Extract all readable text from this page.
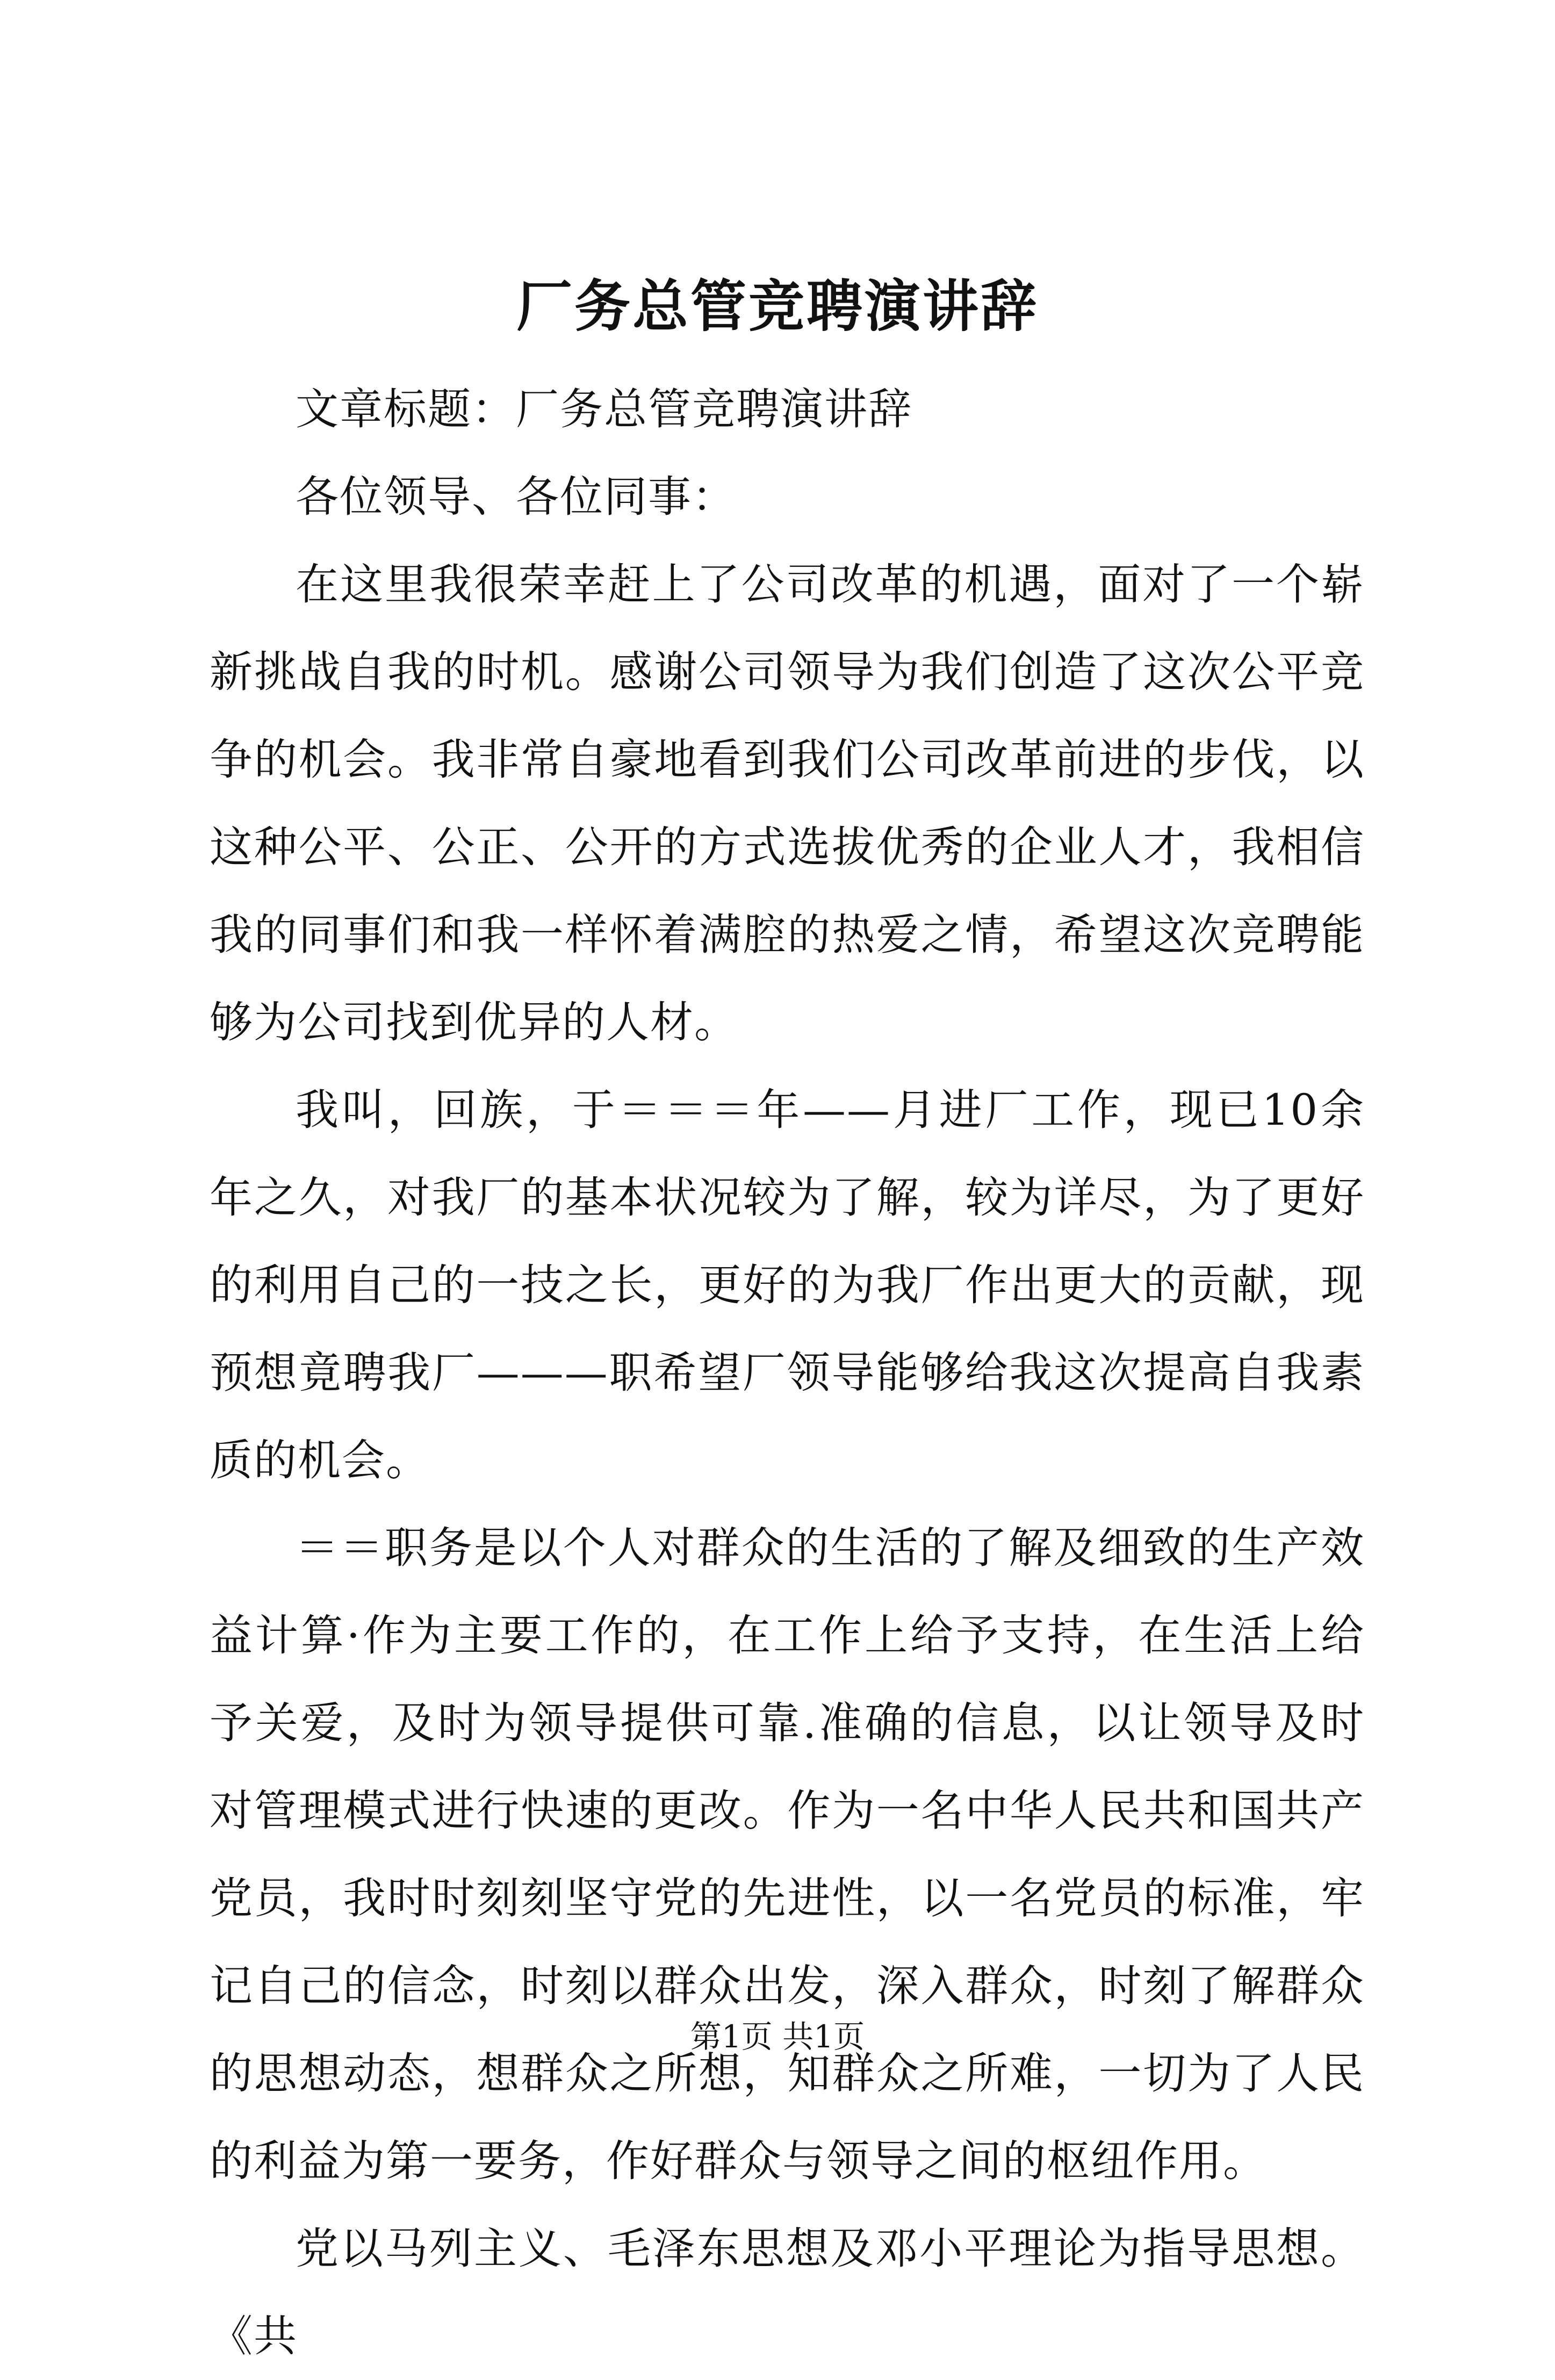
厂务总管竞聘演讲辞

文章标题：厂务总管竞聘演讲辞

各位领导、各位同事：

在这里我很荣幸赶上了公司改革的机遇，面对了一个崭新挑战自我的时机。感谢公司领导为我们创造了这次公平竞争的机会。我非常自豪地看到我们公司改革前进的步伐，以这种公平、公正、公开的方式选拔优秀的企业人才，我相信我的同事们和我一样怀着满腔的热爱之情，希望这次竞聘能够为公司找到优异的人材。

我叫，回族，于＝＝＝年——月进厂工作，现已10余年之久，对我厂的基本状况较为了解，较为详尽，为了更好的利用自己的一技之长，更好的为我厂作出更大的贡献，现预想竟聘我厂———职希望厂领导能够给我这次提高自我素质的机会。

＝＝职务是以个人对群众的生活的了解及细致的生产效益计算·作为主要工作的，在工作上给予支持，在生活上给予关爱，及时为领导提供可靠.准确的信息，以让领导及时对管理模式进行快速的更改。作为一名中华人民共和国共产党员，我时时刻刻坚守党的先进性，以一名党员的标准，牢记自己的信念，时刻以群众出发，深入群众，时刻了解群众的思想动态，想群众之所想，知群众之所难，一切为了人民的利益为第一要务，作好群众与领导之间的枢纽作用。

党以马列主义、毛泽东思想及邓小平理论为指导思想。《共

第1页 共1页
